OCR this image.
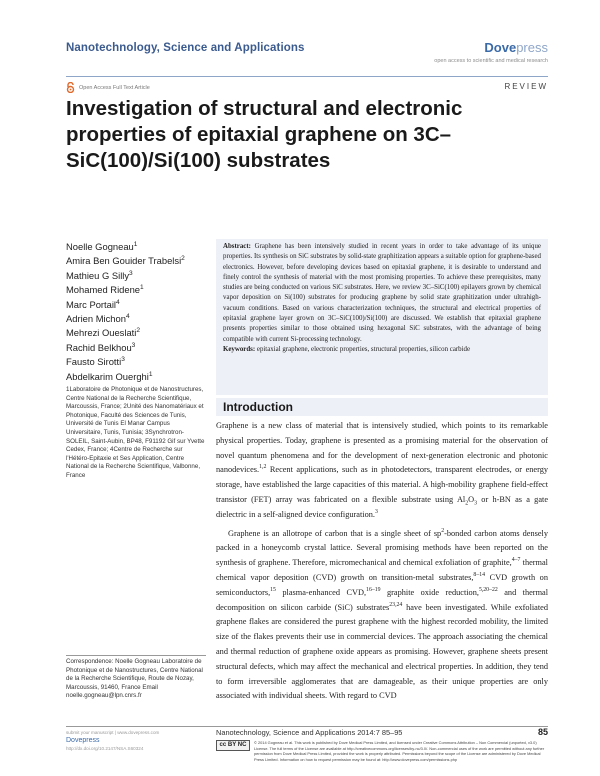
Nanotechnology, Science and Applications	Dovepress
open access to scientific and medical research
Open Access Full Text Article	REVIEW
Investigation of structural and electronic properties of epitaxial graphene on 3C–SiC(100)/Si(100) substrates
Noelle Gogneau$^1$
Amira Ben Gouider Trabelsi$^2$
Mathieu G Silly$^3$
Mohamed Ridene$^1$
Marc Portail$^4$
Adrien Michon$^4$
Mehrezi Oueslati$^2$
Rachid Belkhou$^3$
Fausto Sirotti$^3$
Abdelkarim Ouerghi$^1$
1Laboratoire de Photonique et de Nanostructures, Centre National de la Recherche Scientifique, Marcoussis, France; 2Unité des Nanomatériaux et Photonique, Faculté des Sciences de Tunis, Université de Tunis El Manar Campus Universitaire, Tunis, Tunisia; 3Synchrotron-SOLEIL, Saint-Aubin, BP48, F91192 Gif sur Yvette Cedex, France; 4Centre de Recherche sur l'Hétéro-Epitaxie et Ses Application, Centre National de la Recherche Scientifique, Valbonne, France
Abstract: Graphene has been intensively studied in recent years in order to take advantage of its unique properties. Its synthesis on SiC substrates by solid-state graphitization appears a suitable option for graphene-based electronics. However, before developing devices based on epitaxial graphene, it is desirable to understand and finely control the synthesis of material with the most promising properties. To achieve these prerequisites, many studies are being conducted on various SiC substrates. Here, we review 3C–SiC(100) epilayers grown by chemical vapor deposition on Si(100) substrates for producing graphene by solid state graphitization under ultrahigh-vacuum conditions. Based on various characterization techniques, the structural and electrical properties of epitaxial graphene layer grown on 3C–SiC(100)/Si(100) are discussed. We establish that epitaxial graphene presents properties similar to those obtained using hexagonal SiC substrates, with the advantage of being compatible with current Si-processing technology.
Keywords: epitaxial graphene, electronic properties, structural properties, silicon carbide
Introduction

Graphene is a new class of material that is intensively studied, which points to its remarkable physical properties. Today, graphene is presented as a promising material for the observation of novel quantum phenomena and for the development of next-generation electronic and photonic nanodevices.$^{1,2}$ Recent applications, such as in photodetectors, transparent electrodes, or energy storage, have established the large capacities of this material. A high-mobility graphene field-effect transistor (FET) array was fabricated on a flexible substrate using $Al_2O_3$ or h-BN as a gate dielectric in a self-aligned device configuration.$^3$

Graphene is an allotrope of carbon that is a single sheet of $sp^2$-bonded carbon atoms densely packed in a honeycomb crystal lattice. Several promising methods have been reported on the synthesis of graphene. Therefore, micromechanical and chemical exfoliation of graphite,$^{4-7}$ thermal chemical vapor deposition (CVD) growth on transition-metal substrates,$^{8-14}$ CVD growth on semiconductors,$^{15}$ plasma-enhanced CVD,$^{16-19}$ graphite oxide reduction,$^{5,20-22}$ and thermal decomposition on silicon carbide (SiC) substrates$^{23,24}$ have been investigated. While exfoliated graphene flakes are considered the purest graphene with the highest recorded mobility, the limited size of the flakes prevents their use in commercial devices. The approach associating the chemical and thermal reduction of graphene oxide appears as promising. However, graphene sheets present structural defects, which may affect the mechanical and electrical properties. In addition, they tend to form irreversible agglomerates that are damageable, as their unique properties are only associated with individual sheets. With regard to CVD

Correspondence: Noelle Gogneau Laboratoire de Photonique et de Nanostructures, Centre National de la Recherche Scientifique, Route de Nozay, Marcoussis, 91460, France Email noelle.gogneau@lpn.cnrs.fr
submit your manuscript | www.dovepress.com
Dovepress
http://dx.doi.org/10.2147/NSA.S60324
Nanotechnology, Science and Applications 2014:7 85–95	85
cc BY NC	© 2014 Gogneau et al. This work is published by Dove Medical Press Limited, and licensed under Creative Commons Attribution – Non Commercial (unported, v3.0) License. The full terms of the License are available at http://creativecommons.org/licenses/by-nc/3.0/. Non-commercial uses of the work are permitted without any further permission from Dove Medical Press Limited, provided the work is properly attributed. Permissions beyond the scope of the License are administered by Dove Medical Press Limited. Information on how to request permission may be found at: http://www.dovepress.com/permissions.php
